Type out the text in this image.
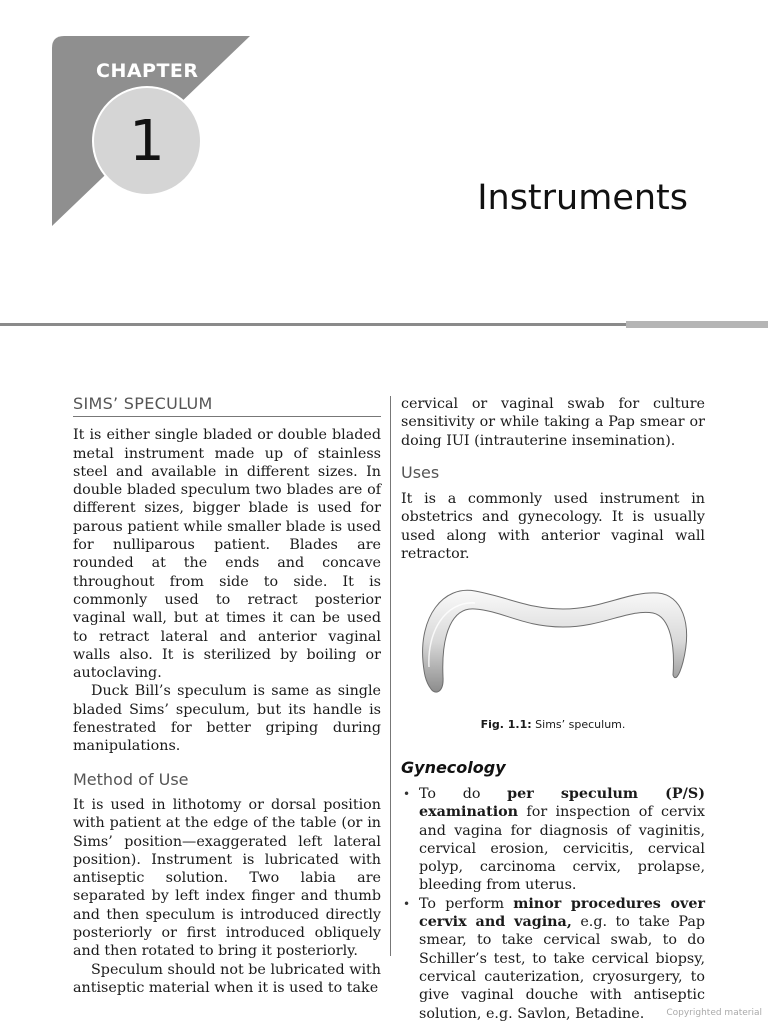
CHAPTER
1
Instruments
SIMS’ SPECULUM

It is either single bladed or double bladed metal instrument made up of stainless steel and available in different sizes. In double bladed speculum two blades are of different sizes, bigger blade is used for parous patient while smaller blade is used for nulliparous patient. Blades are rounded at the ends and concave throughout from side to side. It is commonly used to retract posterior vaginal wall, but at times it can be used to retract lateral and anterior vaginal walls also. It is sterilized by boiling or autoclaving.

Duck Bill’s speculum is same as single bladed Sims’ speculum, but its handle is fenestrated for better griping during manipulations.

Method of Use

It is used in lithotomy or dorsal position with patient at the edge of the table (or in Sims’ position—exaggerated left lateral position). Instrument is lubricated with antiseptic solution. Two labia are separated by left index finger and thumb and then speculum is introduced directly posteriorly or first introduced obliquely and then rotated to bring it posteriorly.

Speculum should not be lubricated with antiseptic material when it is used to take

cervical or vaginal swab for culture sensitivity or while taking a Pap smear or doing IUI (intrauterine insemination).

Uses

It is a commonly used instrument in obstetrics and gynecology. It is usually used along with anterior vaginal wall retractor.

Fig. 1.1: Sims’ speculum.
Gynecology
• To do per speculum (P/S) examination for inspection of cervix and vagina for diagnosis of vaginitis, cervical erosion, cervicitis, cervical polyp, carcinoma cervix, prolapse, bleeding from uterus.
• To perform minor procedures over cervix and vagina, e.g. to take Pap smear, to take cervical swab, to do Schiller’s test, to take cervical biopsy, cervical cauterization, cryosurgery, to give vaginal douche with antiseptic solution, e.g. Savlon, Betadine.	Copyrighted material
